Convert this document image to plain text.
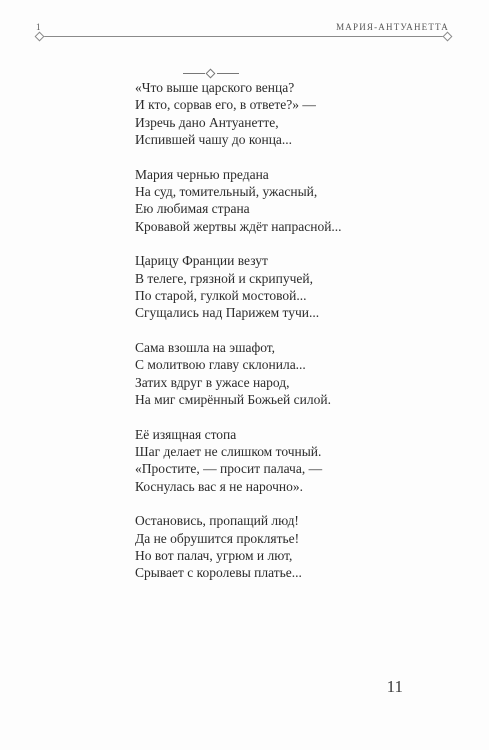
1	МАРИЯ-АНТУАНЕТТА
«Что выше царского венца?
И кто, сорвав его, в ответе?» —
Изречь дано Антуанетте,
Испившей чашу до конца...
Мария чернью предана
На суд, томительный, ужасный,
Ею любимая страна
Кровавой жертвы ждёт напрасной...
Царицу Франции везут
В телеге, грязной и скрипучей,
По старой, гулкой мостовой...
Сгущались над Парижем тучи...
Сама взошла на эшафот,
С молитвою главу склонила...
Затих вдруг в ужасе народ,
На миг смирённый Божьей силой.
Её изящная стопа
Шаг делает не слишком точный.
«Простите, — просит палача, —
Коснулась вас я не нарочно».
Остановись, пропащий люд!
Да не обрушится проклятье!
Но вот палач, угрюм и лют,
Срывает с королевы платье...
11
